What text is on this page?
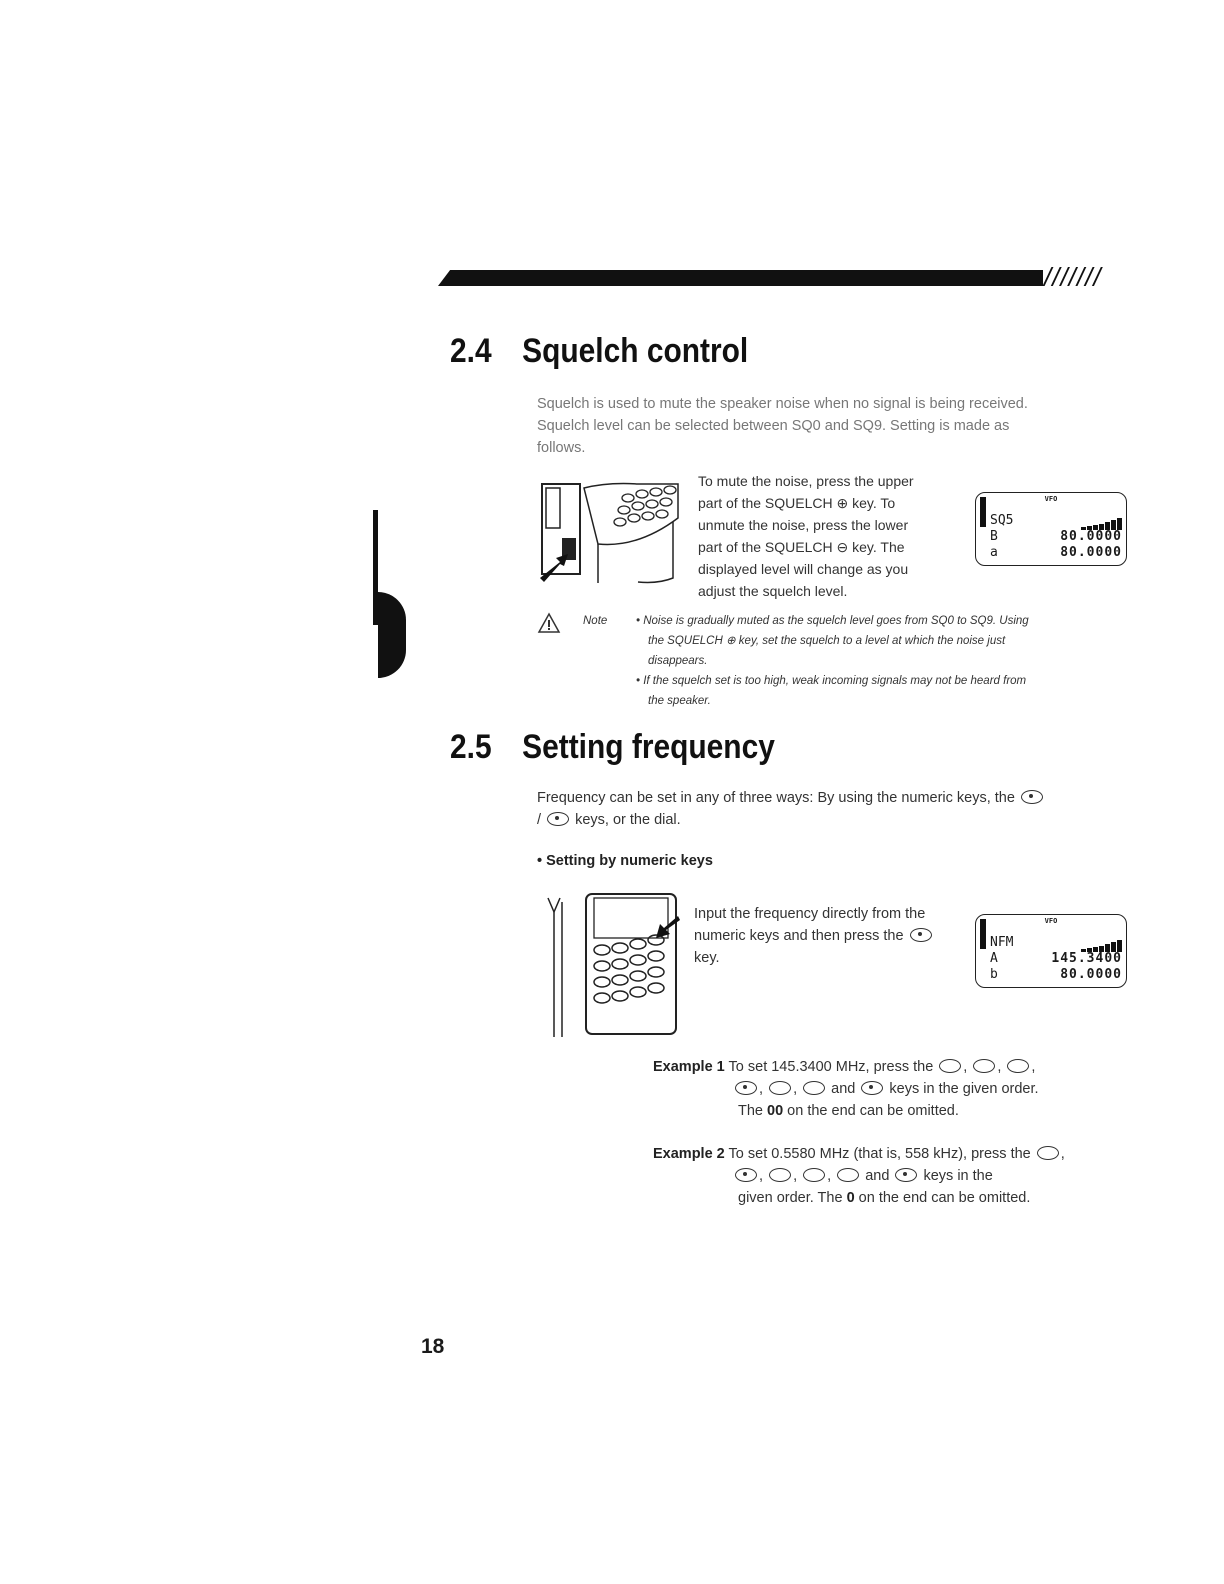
///////
2.4 Squelch control
Squelch is used to mute the speaker noise when no signal is being received.
Squelch level can be selected between SQ0 and SQ9. Setting is made as
follows.
To mute the noise, press the upper
part of the SQUELCH ⊕ key. To
unmute the noise, press the lower
part of the SQUELCH ⊖ key. The
displayed level will change as you
adjust the squelch level.
VFO
SQ5
B	80.0000
a	80.0000
Note • Noise is gradually muted as the squelch level goes from SQ0 to SQ9. Using
the SQUELCH ⊕ key, set the squelch to a level at which the noise just
disappears.
• If the squelch set is too high, weak incoming signals may not be heard from
the speaker.
2.5 Setting frequency
Frequency can be set in any of three ways: By using the numeric keys, the
/  keys, or the dial.
• Setting by numeric keys
Input the frequency directly from the
numeric keys and then press the
key.
VFO
NFM
A	145.3400
b	80.0000
Example 1 To set 145.3400 MHz, press the , , ,
, ,  and keys in the given order.
The 00 on the end can be omitted.
Example 2 To set 0.5580 MHz (that is, 558 kHz), press the ,
, , ,  and keys in the
given order. The 0 on the end can be omitted.
18
